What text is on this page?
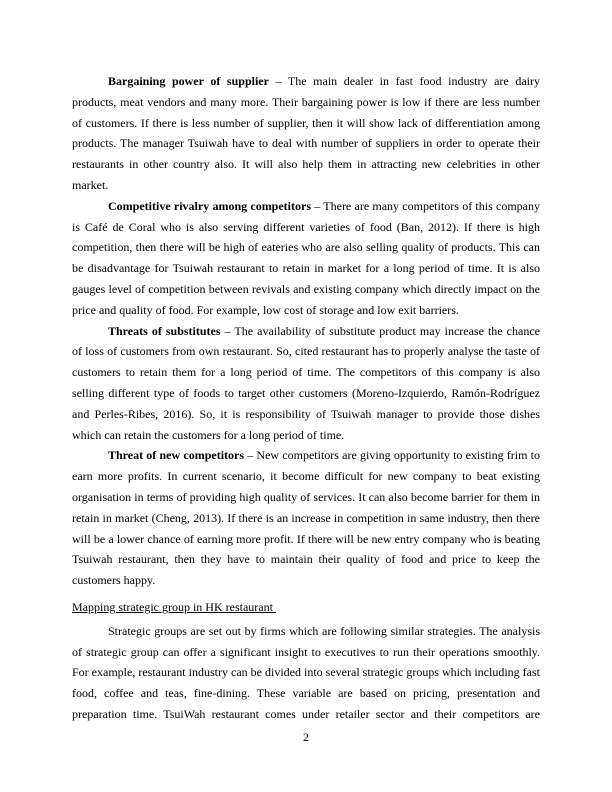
Bargaining power of supplier – The main dealer in fast food industry are dairy
products, meat vendors and many more. Their bargaining power is low if there are less number
of customers. If there is less number of supplier, then it will show lack of differentiation among
products. The manager Tsuiwah have to deal with number of suppliers in order to operate their
restaurants in other country also. It will also help them in attracting new celebrities in other
market.
Competitive rivalry among competitors – There are many competitors of this company
is Café de Coral who is also serving different varieties of food (Ban, 2012). If there is high
competition, then there will be high of eateries who are also selling quality of products. This can
be disadvantage for Tsuiwah restaurant to retain in market for a long period of time. It is also
gauges level of competition between revivals and existing company which directly impact on the
price and quality of food. For example, low cost of storage and low exit barriers.
Threats of substitutes – The availability of substitute product may increase the chance
of loss of customers from own restaurant. So, cited restaurant has to properly analyse the taste of
customers to retain them for a long period of time. The competitors of this company is also
selling different type of foods to target other customers (Moreno-Izquierdo, Ramón-Rodríguez
and Perles-Ribes, 2016). So, it is responsibility of Tsuiwah manager to provide those dishes
which can retain the customers for a long period of time.
Threat of new competitors – New competitors are giving opportunity to existing frim to
earn more profits. In current scenario, it become difficult for new company to beat existing
organisation in terms of providing high quality of services. It can also become barrier for them in
retain in market (Cheng, 2013). If there is an increase in competition in same industry, then there
will be a lower chance of earning more profit. If there will be new entry company who is beating
Tsuiwah restaurant, then they have to maintain their quality of food and price to keep the
customers happy.
Mapping strategic group in HK restaurant
Strategic groups are set out by firms which are following similar strategies. The analysis
of strategic group can offer a significant insight to executives to run their operations smoothly.
For example, restaurant industry can be divided into several strategic groups which including fast
food, coffee and teas, fine-dining. These variable are based on pricing, presentation and
preparation time. TsuiWah restaurant comes under retailer sector and their competitors are
2
